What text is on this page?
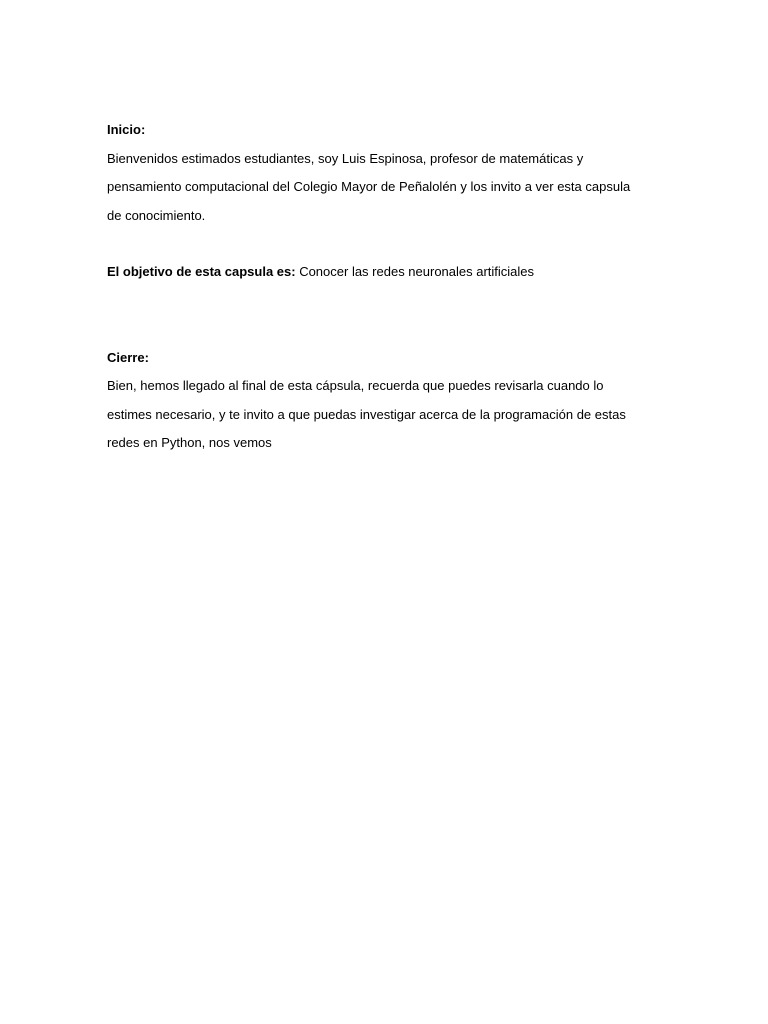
Inicio:
Bienvenidos estimados estudiantes, soy Luis Espinosa, profesor de matemáticas y
pensamiento computacional del Colegio Mayor de Peñalolén y los invito a ver esta capsula
de conocimiento.
El objetivo de esta capsula es: Conocer las redes neuronales artificiales
Cierre:
Bien, hemos llegado al final de esta cápsula, recuerda que puedes revisarla cuando lo
estimes necesario, y te invito a que puedas investigar acerca de la programación de estas
redes en Python, nos vemos
